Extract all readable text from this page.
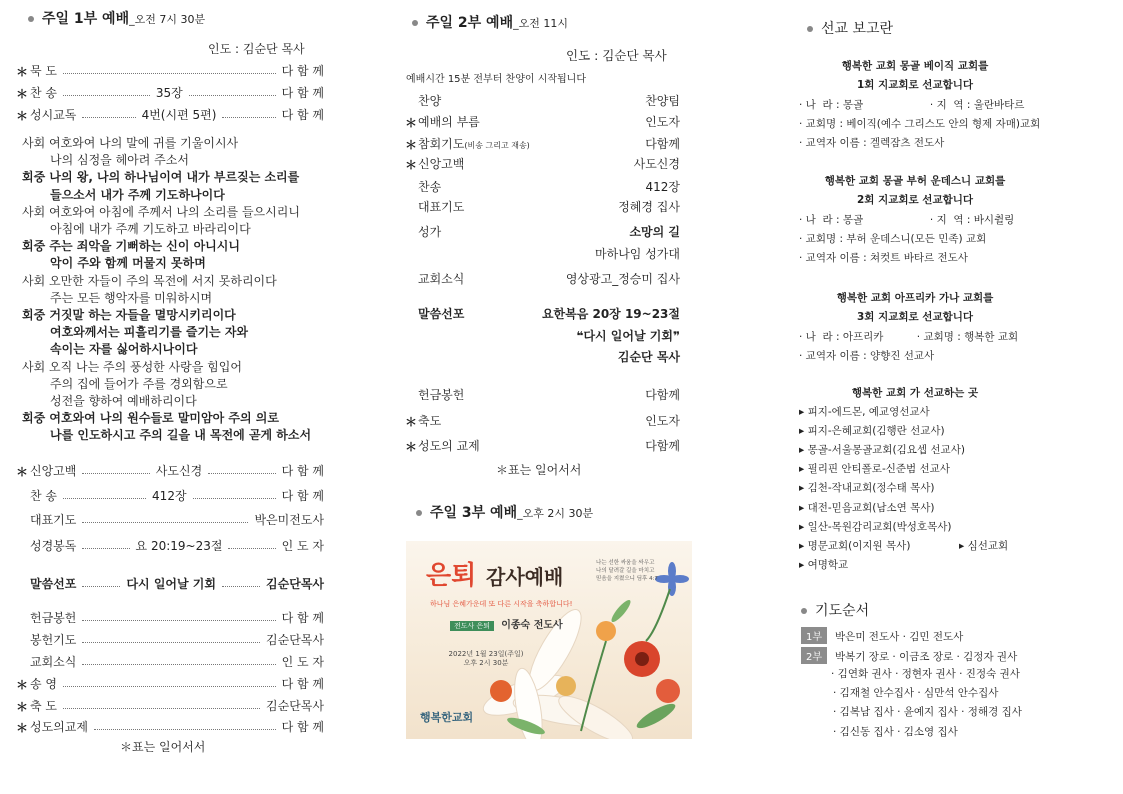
주일 1부 예배_오전 7시 30분
인도 : 김순단 목사
＊ 묵 도	다 함 께
＊ 찬 송	35장	다 함 께
＊ 성시교독	4번(시편 5편)	다 함 께
사회 여호와여 나의 말에 귀를 기울이시사
나의 심정을 헤아려 주소서
회중 나의 왕, 나의 하나님이여 내가 부르짖는 소리를
들으소서 내가 주께 기도하나이다
사회 여호와여 아침에 주께서 나의 소리를 들으시리니
아침에 내가 주께 기도하고 바라리이다
회중 주는 죄악을 기뻐하는 신이 아니시니
악이 주와 함께 머물지 못하며
사회 오만한 자들이 주의 목전에 서지 못하리이다
주는 모든 행악자를 미워하시며
회중 거짓말 하는 자들을 멸망시키리이다
여호와께서는 피흘리기를 즐기는 자와
속이는 자를 싫어하시나이다
사회 오직 나는 주의 풍성한 사랑을 힘입어
주의 집에 들어가 주를 경외함으로
성전을 향하여 예배하리이다
회중 여호와여 나의 원수들로 말미암아 주의 의로
나를 인도하시고 주의 길을 내 목전에 곧게 하소서
＊ 신앙고백	사도신경	다 함 께
찬 송	412장	다 함 께
대표기도	박은미전도사
성경봉독	요 20:19~23절	인 도 자
말씀선포	다시 일어날 기회	김순단목사
헌금봉헌	다 함 께
봉헌기도	김순단목사
교회소식	인 도 자
＊ 송 영	다 함 께
＊ 축 도	김순단목사
＊ 성도의교제	다 함 께
＊표는 일어서서
주일 2부 예배_오전 11시
인도 : 김순단 목사
예배시간 15분 전부터 찬양이 시작됩니다
찬양	찬양팀
＊ 예배의 부름	인도자
＊ 참회기도(비송 그리고 재송)	다함께
＊ 신앙고백	사도신경
찬송	412장
대표기도	정혜경 집사
성가	소망의 길
마하나임 성가대
교회소식	영상광고_정승미 집사
말씀선포	요한복음 20장 19~23절
❝다시 일어날 기회❞
김순단 목사
헌금봉헌	다함께
＊ 축도	인도자
＊ 성도의 교제	다함께
＊표는 일어서서
주일 3부 예배_오후 2시 30분
은퇴 감사예배
나는 선한 싸움을 싸우고
나의 달려갈 길을 마치고
믿음을 지켰으니 딤후 4:7
하나님 은혜가운데 또 다른 시작을 축하합니다!
전도사 은퇴 이종숙 전도사
2022년 1월 23일(주일)
오후 2시 30분
행복한교회
선교 보고란
행복한 교회 몽골 베이직 교회를
1회 지교회로 선교합니다
· 나  라 : 몽골                    · 지  역 : 울란바타르
· 교회명 : 베이직(예수 그리스도 안의 형제 자매)교회
· 교역자 이름 : 겔렉잠츠 전도사
행복한 교회 몽골 부허 운데스니 교회를
2회 지교회로 선교합니다
· 나  라 : 몽골                    · 지  역 : 바시췰링
· 교회명 : 부허 운데스니(모든 민족) 교회
· 교역자 이름 : 쳐컷트 바타르 전도사
행복한 교회 아프리카 가나 교회를
3회 지교회로 선교합니다
· 나  라 : 아프리카          · 교회명 : 행복한 교회
· 교역자 이름 : 양향진 선교사
행복한 교회 가 선교하는 곳
▸ 피지-에드몬, 예교영선교사
▸ 피지-은혜교회(김행란 선교사)
▸ 몽골-서울몽골교회(김요셉 선교사)
▸ 필리핀 안티폴로-신준범 선교사
▸ 김천-작내교회(정수태 목사)
▸ 대전-믿음교회(남소연 목사)
▸ 일산-목원감리교회(박성호목사)
▸ 명문교회(이지원 목사)
▸ 여명학교
▸ 심선교회
기도순서
1부 박은미 전도사 · 김민 전도사
2부 박복기 장로 · 이금조 장로 · 김정자 권사
· 김연화 권사 · 정현자 권사 · 진정숙 권사
· 김재철 안수집사 · 심만석 안수집사
· 김복남 집사 · 윤예지 집사 · 정해경 집사
· 김신동 집사 · 김소영 집사
